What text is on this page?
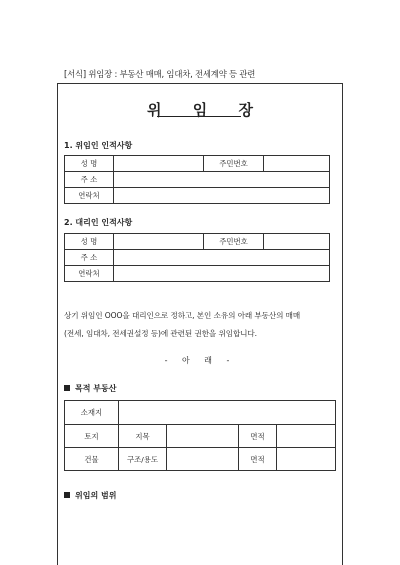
[서식] 위임장 : 부동산 매매, 임대차, 전세계약 등 관련
위 임 장
1. 위임인 인적사항
성 명		주민번호	
주 소			
연락처			
2. 대리인 인적사항
성 명		주민번호	
주 소			
연락처			
상기 위임인 OOO을 대리인으로 정하고, 본인 소유의 아래 부동산의 매매
(전세, 임대차, 전세권설정 등)에 관련된 권한을 위임합니다.
- 아 래 -
목적 부동산
소재지				
토지	지목		면적	
건물	구조/용도		면적	
위임의 범위
